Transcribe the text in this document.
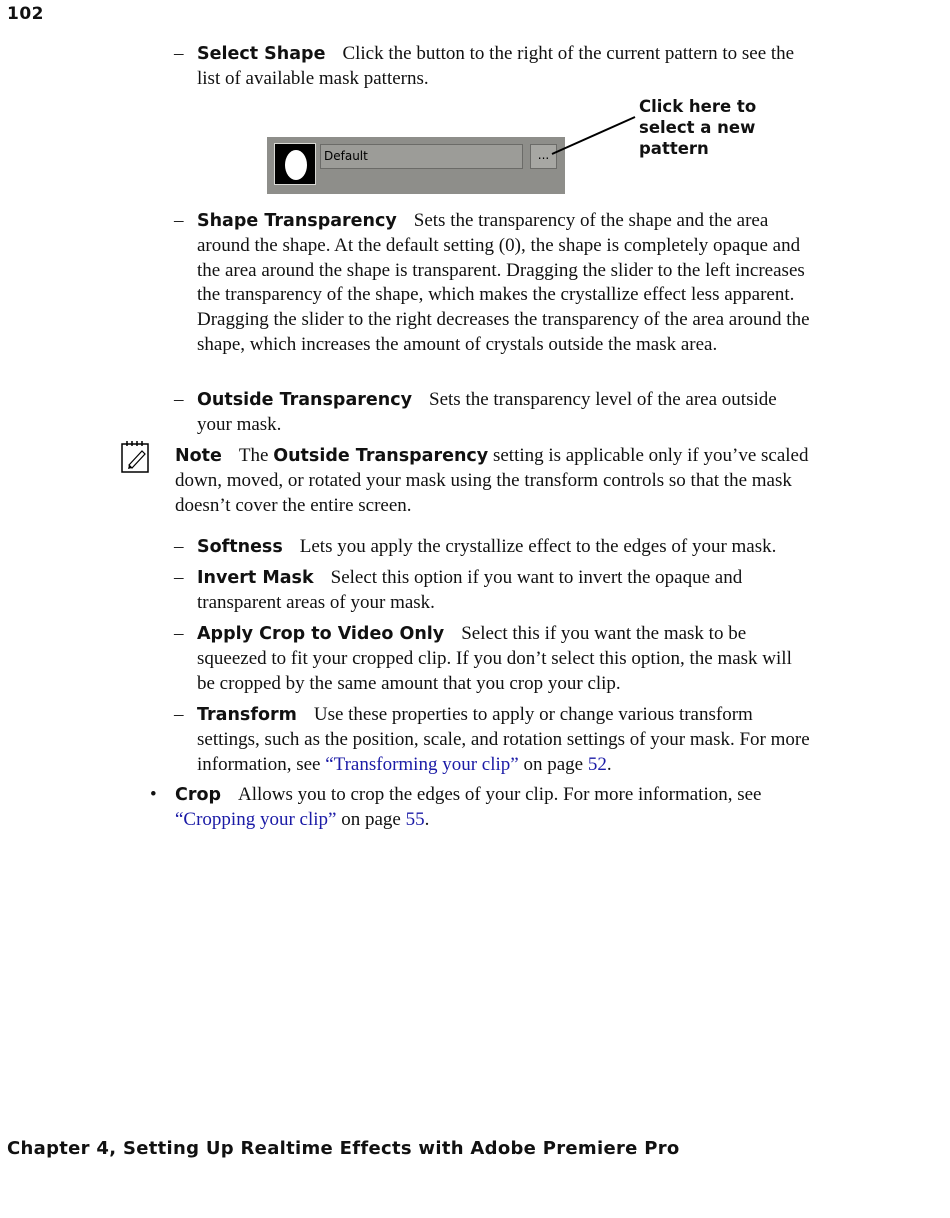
102
– Select Shape Click the button to the right of the current pattern to see the list of available mask patterns.
Default	...
Click here to select a new pattern
– Shape Transparency Sets the transparency of the shape and the area around the shape. At the default setting (0), the shape is completely opaque and the area around the shape is transparent. Dragging the slider to the left increases the transparency of the shape, which makes the crystallize effect less apparent. Dragging the slider to the right decreases the transparency of the area around the shape, which increases the amount of crystals outside the mask area.
– Outside Transparency Sets the transparency level of the area outside your mask.
Note The Outside Transparency setting is applicable only if you’ve scaled down, moved, or rotated your mask using the transform controls so that the mask doesn’t cover the entire screen.
– Softness Lets you apply the crystallize effect to the edges of your mask.
– Invert Mask Select this option if you want to invert the opaque and transparent areas of your mask.
– Apply Crop to Video Only Select this if you want the mask to be squeezed to fit your cropped clip. If you don’t select this option, the mask will be cropped by the same amount that you crop your clip.
– Transform Use these properties to apply or change various transform settings, such as the position, scale, and rotation settings of your mask. For more information, see “Transforming your clip” on page 52.
• Crop Allows you to crop the edges of your clip. For more information, see “Cropping your clip” on page 55.
Chapter 4, Setting Up Realtime Effects with Adobe Premiere Pro
